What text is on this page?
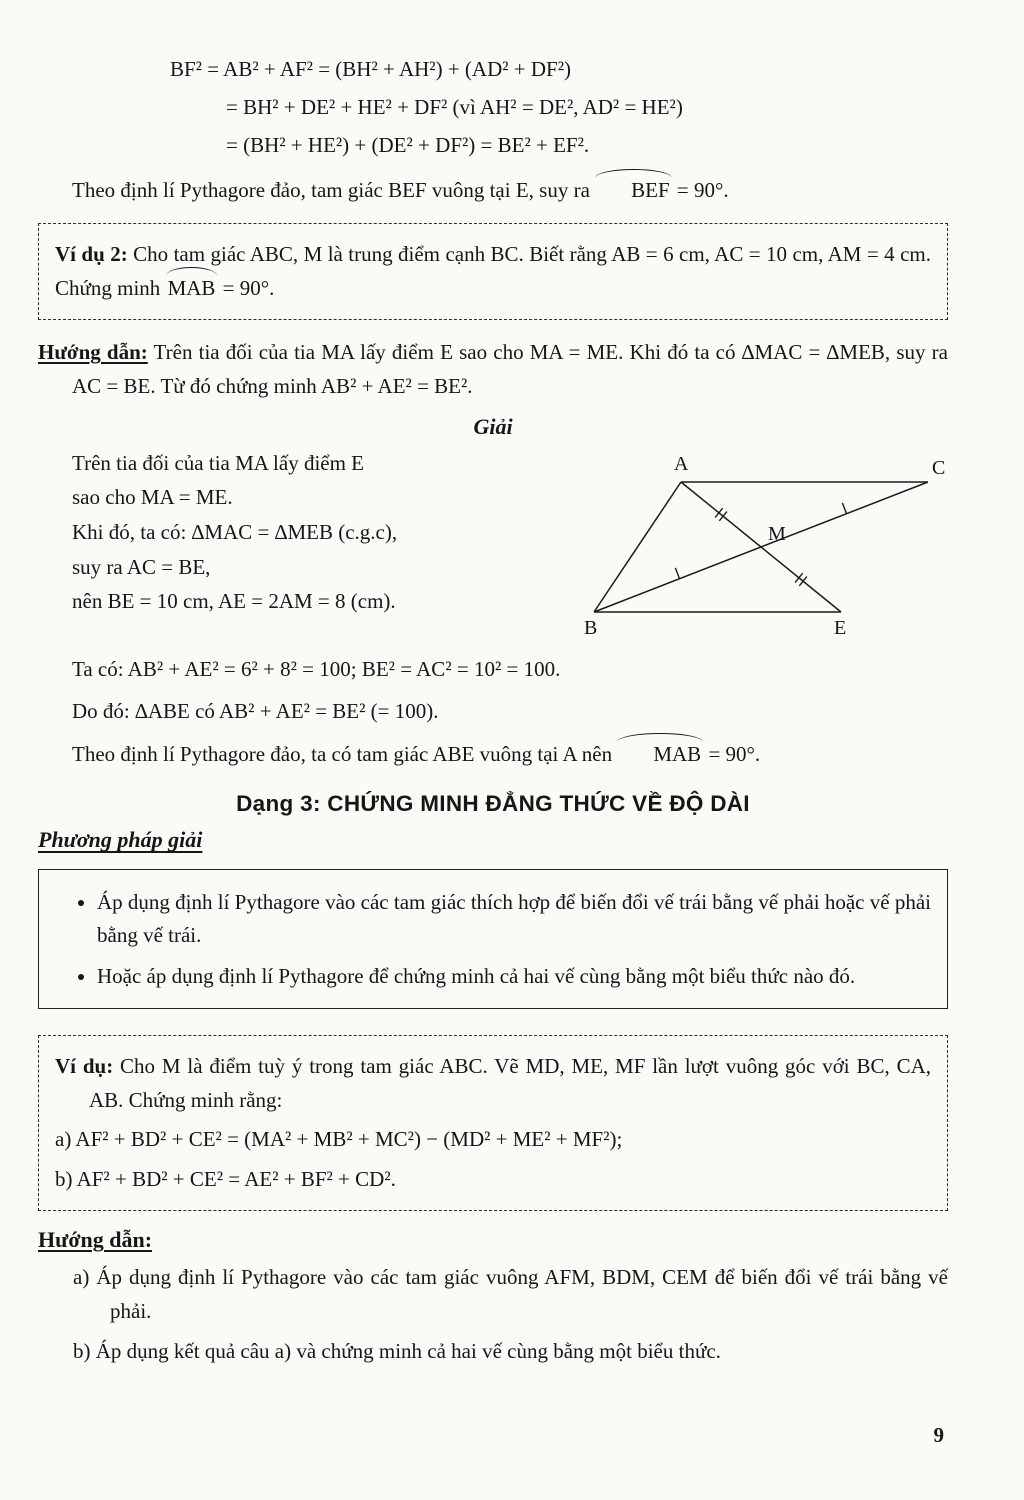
BF² = AB² + AF² = (BH² + AH²) + (AD² + DF²)
= BH² + DE² + HE² + DF² (vì AH² = DE², AD² = HE²)
= (BH² + HE²) + (DE² + DF²) = BE² + EF².

Theo định lí Pythagore đảo, tam giác BEF vuông tại E, suy ra BEF = 90°.

Ví dụ 2: Cho tam giác ABC, M là trung điểm cạnh BC. Biết rằng AB = 6 cm, AC = 10 cm, AM = 4 cm. Chứng minh MAB = 90°.

Hướng dẫn: Trên tia đối của tia MA lấy điểm E sao cho MA = ME. Khi đó ta có ∆MAC = ∆MEB, suy ra AC = BE. Từ đó chứng minh AB² + AE² = BE².

Giải

Trên tia đối của tia MA lấy điểm E
sao cho MA = ME.
Khi đó, ta có: ∆MAC = ∆MEB (c.g.c),
suy ra AC = BE,
nên BE = 10 cm, AE = 2AM = 8 (cm).
A	C
B	E
M

Ta có: AB² + AE² = 6² + 8² = 100; BE² = AC² = 10² = 100.

Do đó: ∆ABE có AB² + AE² = BE² (= 100).

Theo định lí Pythagore đảo, ta có tam giác ABE vuông tại A nên MAB = 90°.

Dạng 3: CHỨNG MINH ĐẲNG THỨC VỀ ĐỘ DÀI

Phương pháp giải

• Áp dụng định lí Pythagore vào các tam giác thích hợp để biến đổi vế trái bằng vế phải hoặc vế phải bằng vế trái.
• Hoặc áp dụng định lí Pythagore để chứng minh cả hai vế cùng bằng một biểu thức nào đó.

Ví dụ: Cho M là điểm tuỳ ý trong tam giác ABC. Vẽ MD, ME, MF lần lượt vuông góc với BC, CA, AB. Chứng minh rằng:

a) AF² + BD² + CE² = (MA² + MB² + MC²) − (MD² + ME² + MF²);

b) AF² + BD² + CE² = AE² + BF² + CD².

Hướng dẫn:

a) Áp dụng định lí Pythagore vào các tam giác vuông AFM, BDM, CEM để biến đổi vế trái bằng vế phải.

b) Áp dụng kết quả câu a) và chứng minh cả hai vế cùng bằng một biểu thức.

9
